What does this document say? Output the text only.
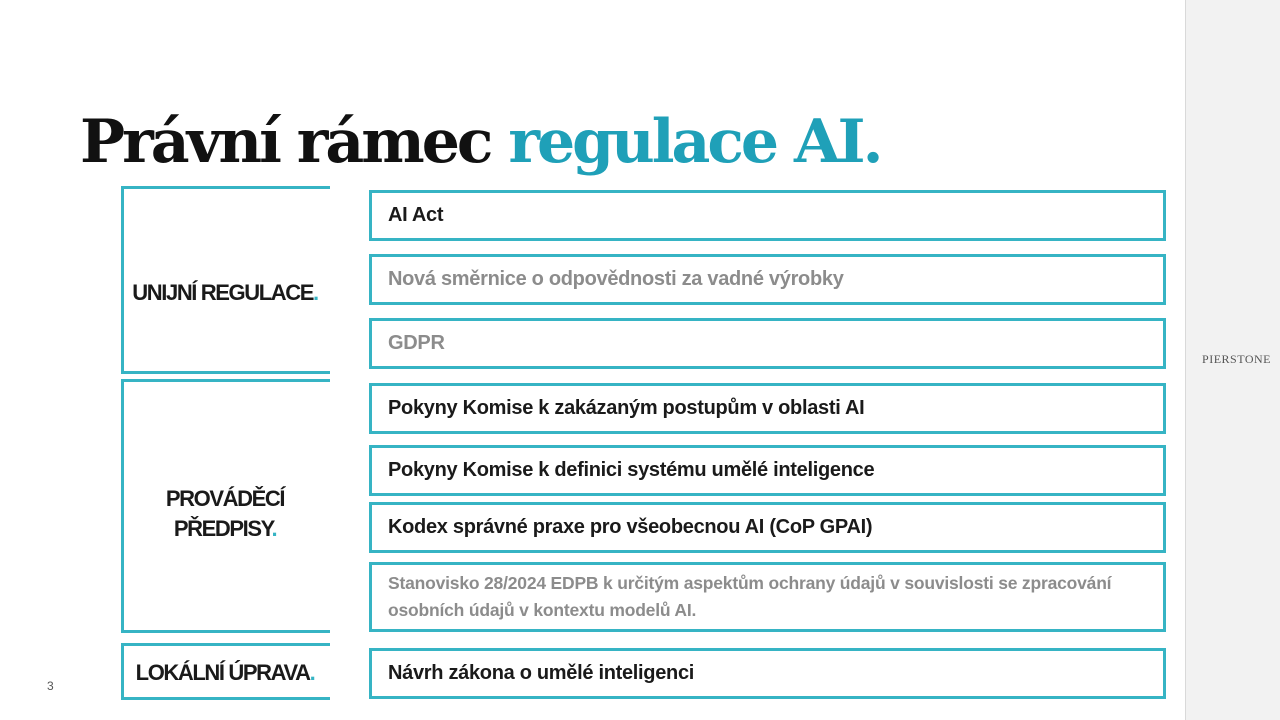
PIERSTONE
Právní rámec regulace AI.
UNIJNÍ REGULACE.
PROVÁDĚCÍ
PŘEDPISY.
LOKÁLNÍ ÚPRAVA.
AI Act
Nová směrnice o odpovědnosti za vadné výrobky
GDPR
Pokyny Komise k zakázaným postupům v oblasti AI
Pokyny Komise k definici systému umělé inteligence
Kodex správné praxe pro všeobecnou AI (CoP GPAI)
Stanovisko 28/2024 EDPB k určitým aspektům ochrany údajů v souvislosti se zpracování osobních údajů v kontextu modelů AI.
Návrh zákona o umělé inteligenci
3
